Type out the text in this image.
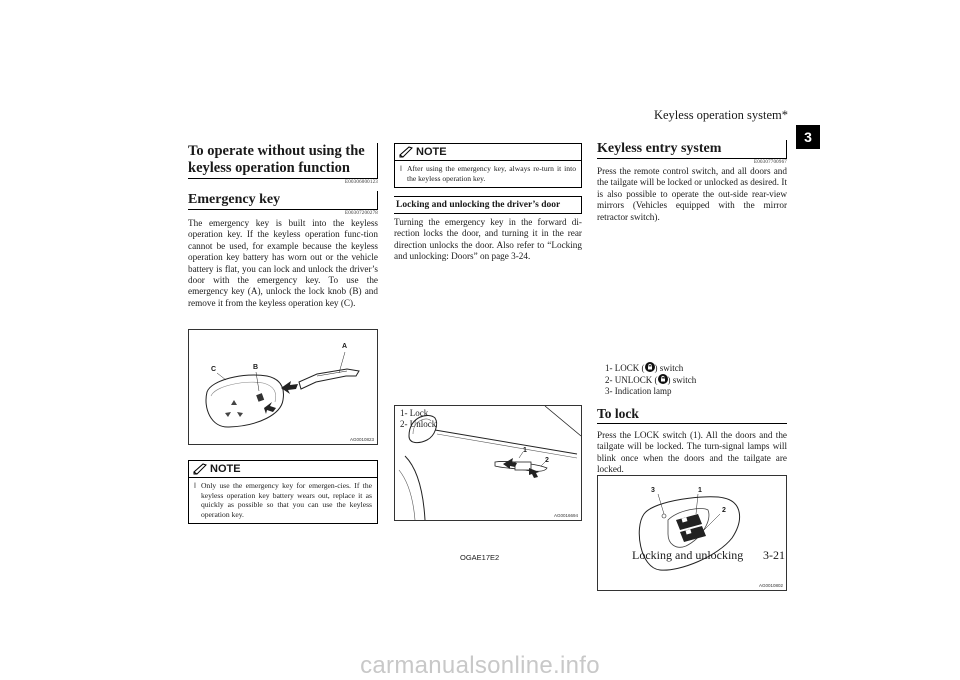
Keyless operation system*
3
To operate without using the keyless operation function
E00306000123
Emergency key
E00307200278

The emergency key is built into the keyless operation key. If the keyless operation func-tion cannot be used, for example because the keyless operation key battery has worn out or the vehicle battery is flat, you can lock and unlock the driver’s door with the emergency key. To use the emergency key (A), unlock the lock knob (B) and remove it from the keyless operation key (C).

C	B
A
AG0010823
NOTE
l Only use the emergency key for emergen-cies. If the keyless operation key battery wears out, replace it as quickly as possible so that you can use the keyless operation key.
NOTE
l After using the emergency key, always re-turn it into the keyless operation key.
Locking and unlocking the driver’s door

Turning the emergency key in the forward di-rection locks the door, and turning it in the rear direction unlocks the door. Also refer to “Locking and unlocking: Doors” on page 3-24.

1
2
AG0016694
1- Lock
2- Unlock
Keyless entry system
E00307700967

Press the remote control switch, and all doors and the tailgate will be locked or unlocked as desired. It is also possible to operate the out-side rear-view mirrors (Vehicles equipped with the mirror retractor switch).

3	1
2
AG0010802
1- LOCK ( ) switch
2- UNLOCK ( ) switch
3- Indication lamp
To lock

Press the LOCK switch (1). All the doors and the tailgate will be locked. The turn-signal lamps will blink once when the doors and the tailgate are locked.

OGAE17E2	Locking and unlocking 3-21
carmanualsonline.info
